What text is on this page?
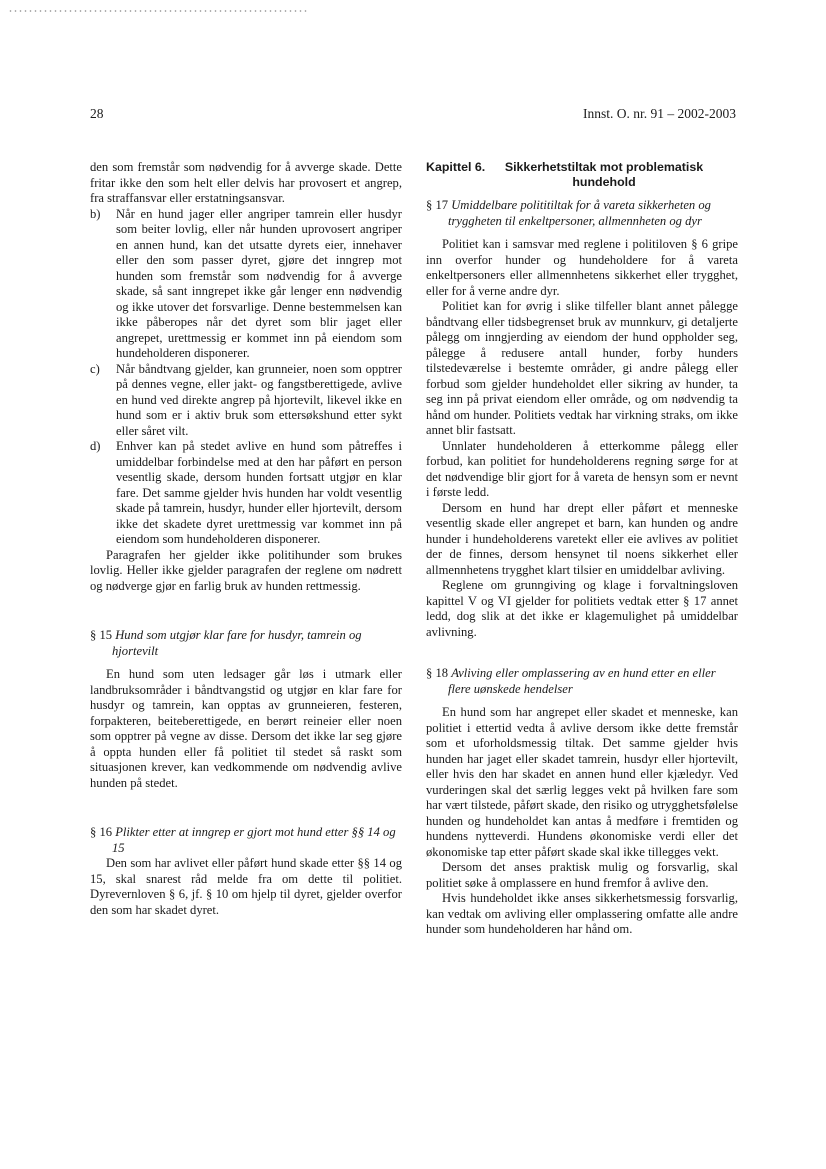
28	Innst. O. nr. 91 – 2002-2003

den som fremstår som nødvendig for å avverge skade. Dette fritar ikke den som helt eller delvis har provosert et angrep, fra straffansvar eller erstatningsansvar.

b) Når en hund jager eller angriper tamrein eller husdyr som beiter lovlig, eller når hunden uprovosert angriper en annen hund, kan det utsatte dyrets eier, innehaver eller den som passer dyret, gjøre det inngrep mot hunden som fremstår som nødvendig for å avverge skade, så sant inngrepet ikke går lenger enn nødvendig og ikke utover det forsvarlige. Denne bestemmelsen kan ikke påberopes når det dyret som blir jaget eller angrepet, urettmessig er kommet inn på eiendom som hundeholderen disponerer.
c) Når båndtvang gjelder, kan grunneier, noen som opptrer på dennes vegne, eller jakt- og fangstberettigede, avlive en hund ved direkte angrep på hjortevilt, likevel ikke en hund som er i aktiv bruk som ettersøkshund etter sykt eller såret vilt.
d) Enhver kan på stedet avlive en hund som påtreffes i umiddelbar forbindelse med at den har påført en person vesentlig skade, dersom hunden fortsatt utgjør en klar fare. Det samme gjelder hvis hunden har voldt vesentlig skade på tamrein, husdyr, hunder eller hjortevilt, dersom ikke det skadete dyret urettmessig var kommet inn på eiendom som hundeholderen disponerer.

Paragrafen her gjelder ikke politihunder som brukes lovlig. Heller ikke gjelder paragrafen der reglene om nødrett og nødverge gjør en farlig bruk av hunden rettmessig.

§ 15 Hund som utgjør klar fare for husdyr, tamrein og hjortevilt

En hund som uten ledsager går løs i utmark eller landbruksområder i båndtvangstid og utgjør en klar fare for husdyr og tamrein, kan opptas av grunneieren, festeren, forpakteren, beiteberettigede, en berørt reineier eller noen som opptrer på vegne av disse. Dersom det ikke lar seg gjøre å oppta hunden eller få politiet til stedet så raskt som situasjonen krever, kan vedkommende om nødvendig avlive hunden på stedet.

§ 16 Plikter etter at inngrep er gjort mot hund etter §§ 14 og 15

Den som har avlivet eller påført hund skade etter §§ 14 og 15, skal snarest råd melde fra om dette til politiet. Dyrevernloven § 6, jf. § 10 om hjelp til dyret, gjelder overfor den som har skadet dyret.

Kapittel 6.	Sikkerhetstiltak mot problematisk hundehold

§ 17 Umiddelbare polititiltak for å vareta sikkerheten og tryggheten til enkeltpersoner, allmennheten og dyr

Politiet kan i samsvar med reglene i politiloven § 6 gripe inn overfor hunder og hundeholdere for å vareta enkeltpersoners eller allmennhetens sikkerhet eller trygghet, eller for å verne andre dyr.

Politiet kan for øvrig i slike tilfeller blant annet pålegge båndtvang eller tidsbegrenset bruk av munnkurv, gi detaljerte pålegg om inngjerding av eiendom der hund oppholder seg, pålegge å redusere antall hunder, forby hunders tilstedeværelse i bestemte områder, gi andre pålegg eller forbud som gjelder hundeholdet eller sikring av hunder, ta seg inn på privat eiendom eller område, og om nødvendig ta hånd om hunder. Politiets vedtak har virkning straks, om ikke annet blir fastsatt.

Unnlater hundeholderen å etterkomme pålegg eller forbud, kan politiet for hundeholderens regning sørge for at det nødvendige blir gjort for å vareta de hensyn som er nevnt i første ledd.

Dersom en hund har drept eller påført et menneske vesentlig skade eller angrepet et barn, kan hunden og andre hunder i hundeholderens varetekt eller eie avlives av politiet der de finnes, dersom hensynet til noens sikkerhet eller allmennhetens trygghet klart tilsier en umiddelbar avliving.

Reglene om grunngiving og klage i forvaltningsloven kapittel V og VI gjelder for politiets vedtak etter § 17 annet ledd, dog slik at det ikke er klagemulighet på umiddelbar avlivning.

§ 18 Avliving eller omplassering av en hund etter en eller flere uønskede hendelser

En hund som har angrepet eller skadet et menneske, kan politiet i ettertid vedta å avlive dersom ikke dette fremstår som et uforholdsmessig tiltak. Det samme gjelder hvis hunden har jaget eller skadet tamrein, husdyr eller hjortevilt, eller hvis den har skadet en annen hund eller kjæledyr. Ved vurderingen skal det særlig legges vekt på hvilken fare som har vært tilstede, påført skade, den risiko og utrygghetsfølelse hunden og hundeholdet kan antas å medføre i fremtiden og hundens nytteverdi. Hundens økonomiske verdi eller det økonomiske tap etter påført skade skal ikke tillegges vekt.

Dersom det anses praktisk mulig og forsvarlig, skal politiet søke å omplassere en hund fremfor å avlive den.

Hvis hundeholdet ikke anses sikkerhetsmessig forsvarlig, kan vedtak om avliving eller omplassering omfatte alle andre hunder som hundeholderen har hånd om.
